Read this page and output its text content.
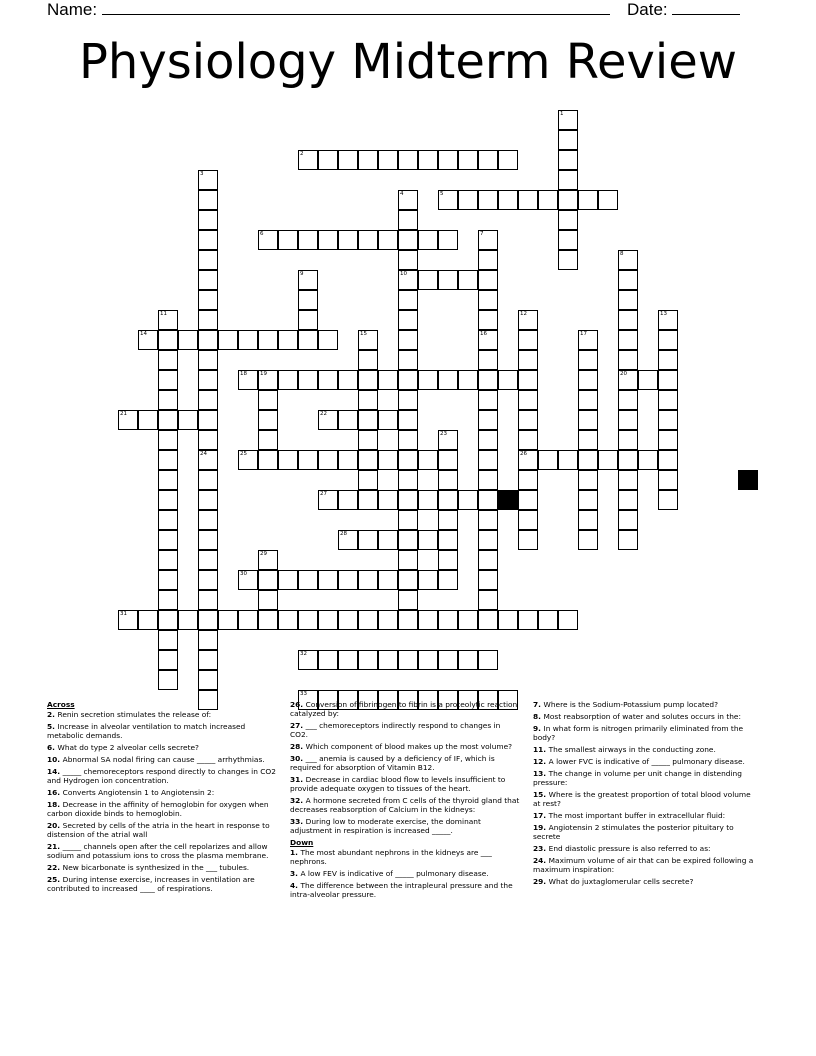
Name:	Date:
Physiology Midterm Review
1
2
3
24
4
10
5
6	7
16
8
20
9
11	12
26
13
14	15	17
18 19
21	22
23
25
27
28
29
30
31
32
33
Across
2. Renin secretion stimulates the release of:
5. Increase in alveolar ventilation to match increased metabolic demands.
6. What do type 2 alveolar cells secrete?
10. Abnormal SA nodal firing can cause _____ arrhythmias.
14. _____ chemoreceptors respond directly to changes in CO2 and Hydrogen ion concentration.
16. Converts Angiotensin 1 to Angiotensin 2:
18. Decrease in the affinity of hemoglobin for oxygen when carbon dioxide binds to hemoglobin.
20. Secreted by cells of the atria in the heart in response to distension of the atrial wall
21. _____ channels open after the cell repolarizes and allow sodium and potassium ions to cross the plasma membrane.
22. New bicarbonate is synthesized in the ___ tubules.
25. During intense exercise, increases in ventilation are contributed to increased ____ of respirations.
26. Conversion of fibrinogen to fibrin is a proteolytic reaction catalyzed by:
27. ___ chemoreceptors indirectly respond to changes in CO2.
28. Which component of blood makes up the most volume?
30. ___ anemia is caused by a deficiency of IF, which is required for absorption of Vitamin B12.
31. Decrease in cardiac blood flow to levels insufficient to provide adequate oxygen to tissues of the heart.
32. A hormone secreted from C cells of the thyroid gland that decreases reabsorption of Calcium in the kidneys:
33. During low to moderate exercise, the dominant adjustment in respiration is increased _____.
Down
1. The most abundant nephrons in the kidneys are ___ nephrons.
3. A low FEV is indicative of _____ pulmonary disease.
4. The difference between the intrapleural pressure and the intra-alveolar pressure.
7. Where is the Sodium-Potassium pump located?
8. Most reabsorption of water and solutes occurs in the:
9. In what form is nitrogen primarily eliminated from the body?
11. The smallest airways in the conducting zone.
12. A lower FVC is indicative of _____ pulmonary disease.
13. The change in volume per unit change in distending pressure:
15. Where is the greatest proportion of total blood volume at rest?
17. The most important buffer in extracellular fluid:
19. Angiotensin 2 stimulates the posterior pituitary to secrete
23. End diastolic pressure is also referred to as:
24. Maximum volume of air that can be expired following a maximum inspiration:
29. What do juxtaglomerular cells secrete?
